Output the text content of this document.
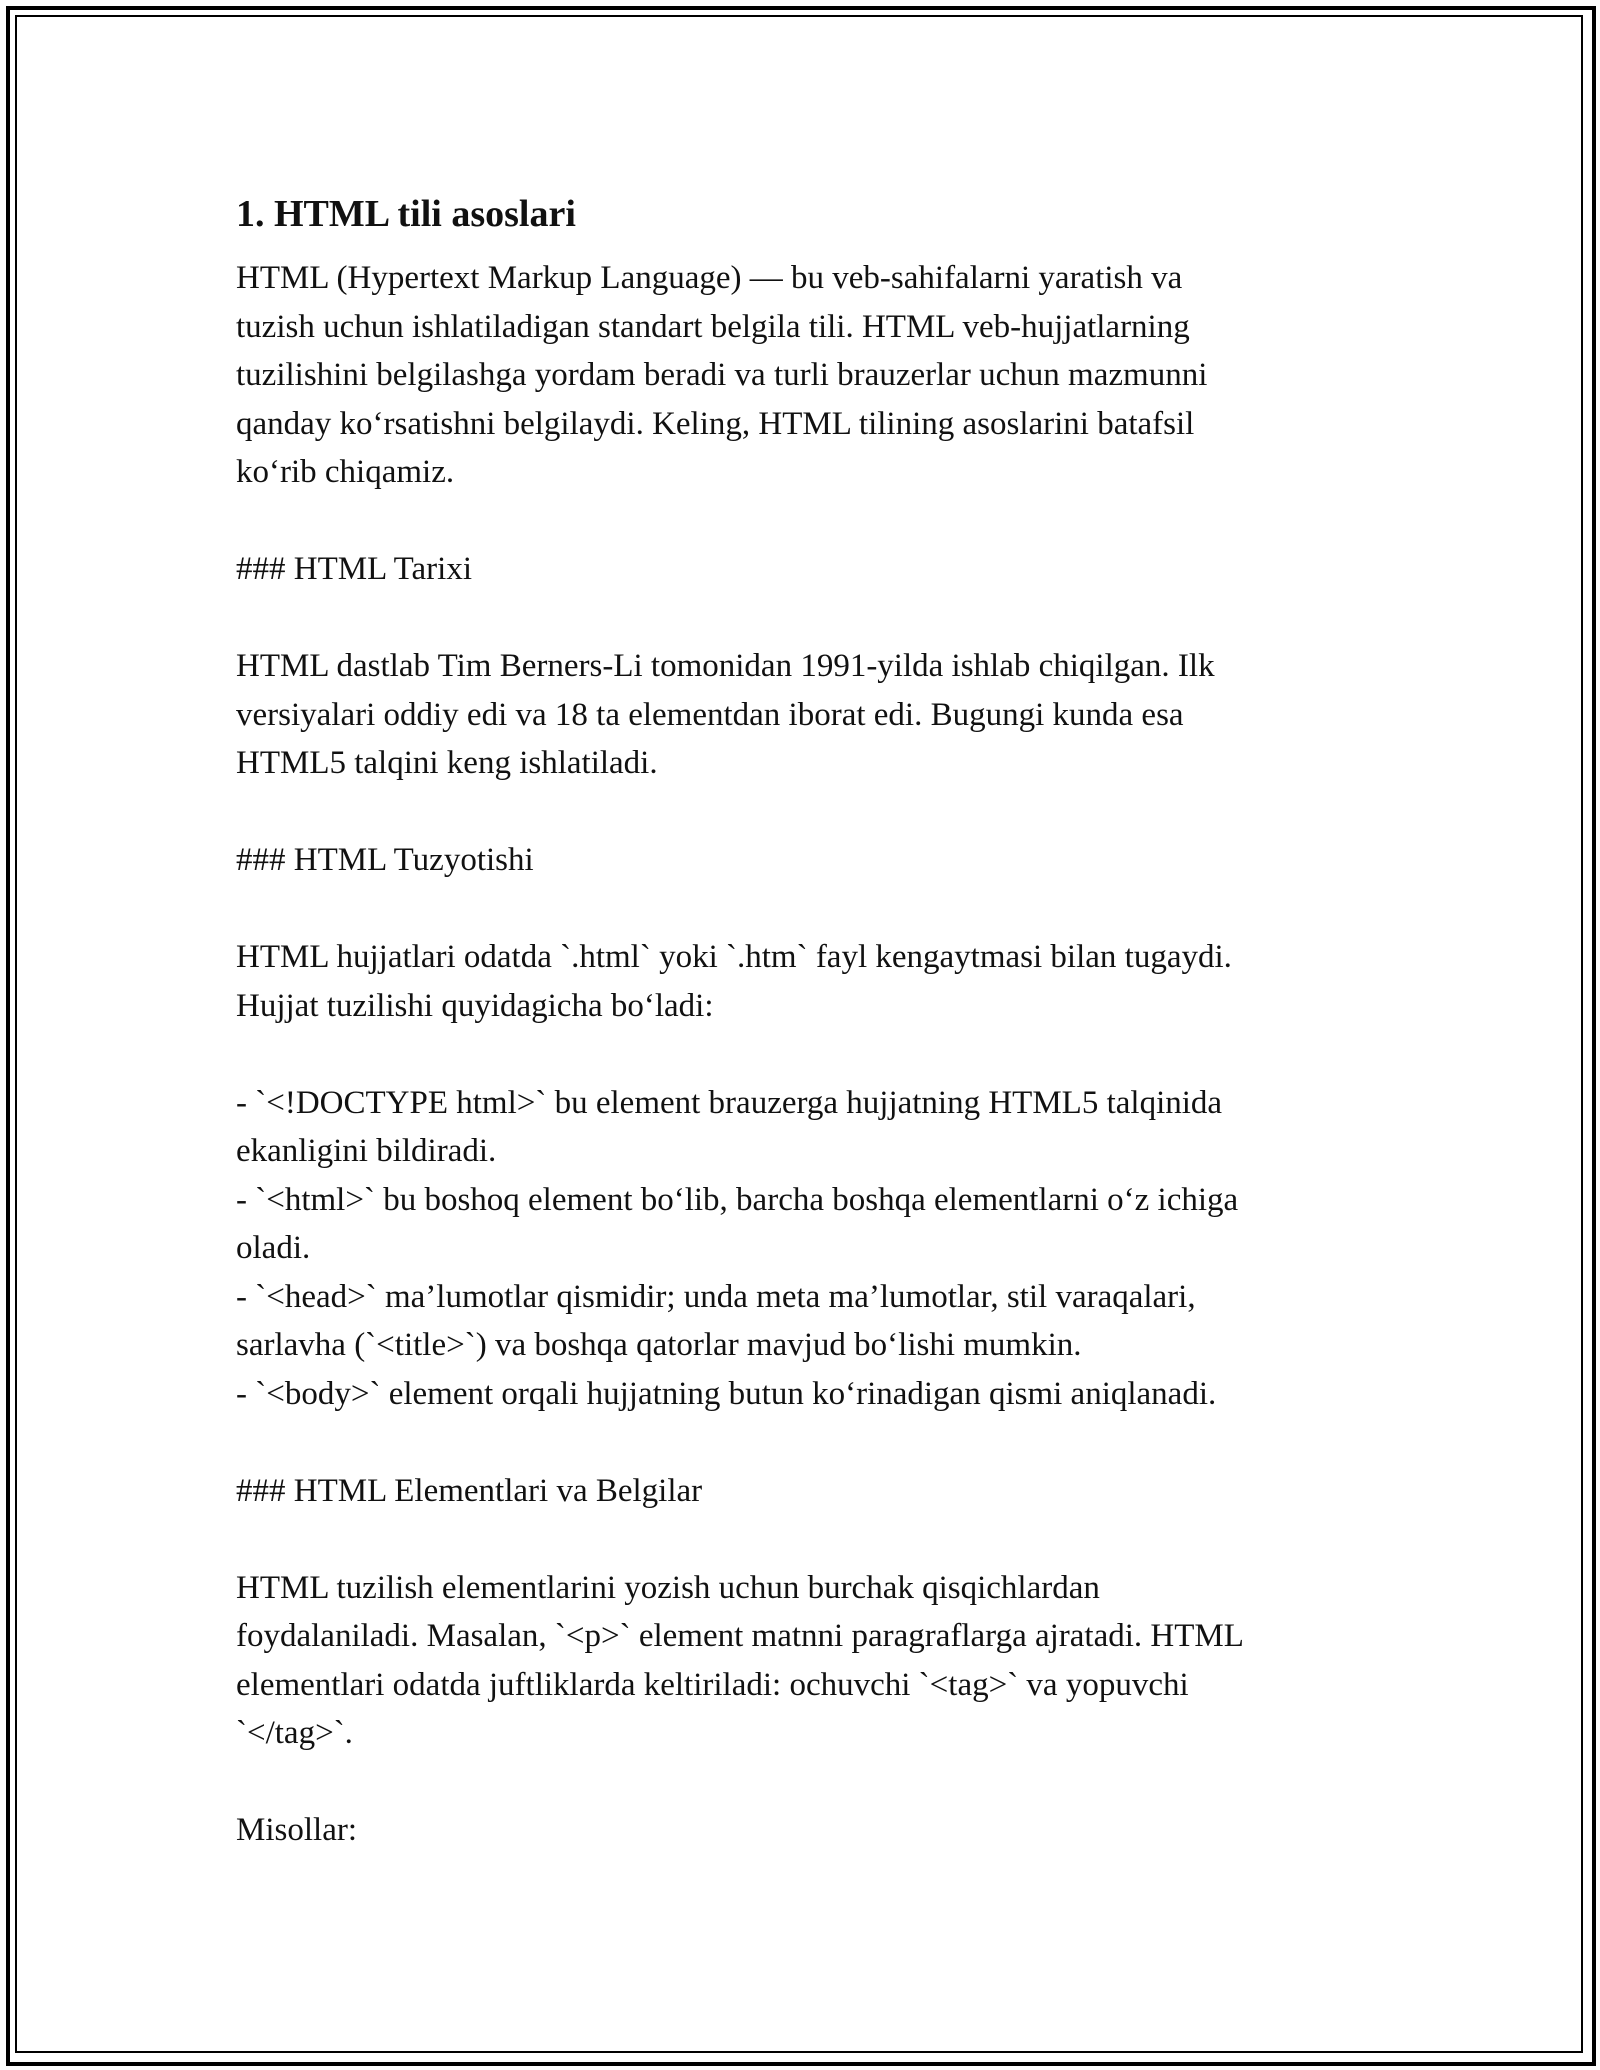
1. HTML tili asoslari

HTML (Hypertext Markup Language) — bu veb-sahifalarni yaratish va

tuzish uchun ishlatiladigan standart belgila tili. HTML veb-hujjatlarning

tuzilishini belgilashga yordam beradi va turli brauzerlar uchun mazmunni

qanday koʻrsatishni belgilaydi. Keling, HTML tilining asoslarini batafsil

koʻrib chiqamiz.

### HTML Tarixi

HTML dastlab Tim Berners-Li tomonidan 1991-yilda ishlab chiqilgan. Ilk

versiyalari oddiy edi va 18 ta elementdan iborat edi. Bugungi kunda esa

HTML5 talqini keng ishlatiladi.

### HTML Tuzyotishi

HTML hujjatlari odatda `.html` yoki `.htm` fayl kengaytmasi bilan tugaydi.

Hujjat tuzilishi quyidagicha boʻladi:

- `<!DOCTYPE html>` bu element brauzerga hujjatning HTML5 talqinida

ekanligini bildiradi.

- `<html>` bu boshoq element boʻlib, barcha boshqa elementlarni oʻz ichiga

oladi.

- `<head>` ma’lumotlar qismidir; unda meta ma’lumotlar, stil varaqalari,

sarlavha (`<title>`) va boshqa qatorlar mavjud boʻlishi mumkin.

- `<body>` element orqali hujjatning butun koʻrinadigan qismi aniqlanadi.

### HTML Elementlari va Belgilar

HTML tuzilish elementlarini yozish uchun burchak qisqichlardan

foydalaniladi. Masalan, `<p>` element matnni paragraflarga ajratadi. HTML

elementlari odatda juftliklarda keltiriladi: ochuvchi `<tag>` va yopuvchi

`</tag>`.

Misollar:
